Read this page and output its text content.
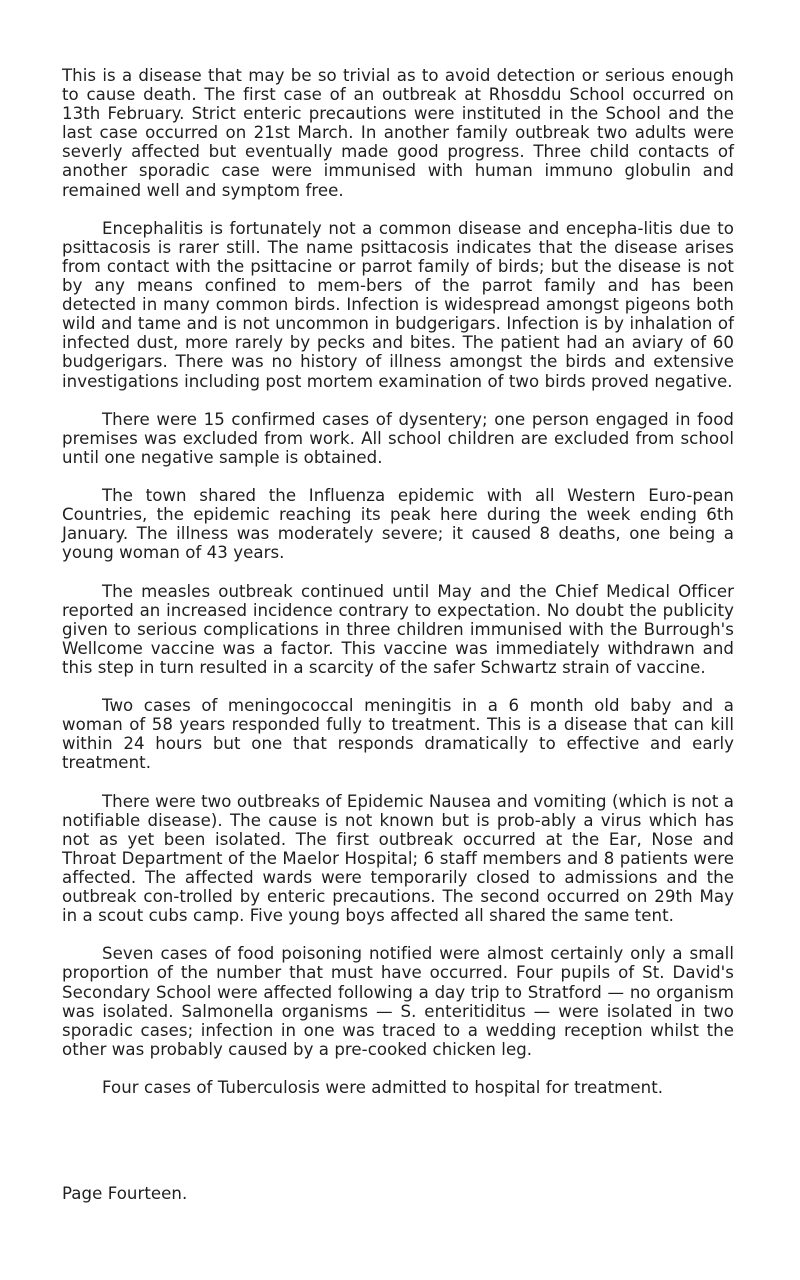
This is a disease that may be so trivial as to avoid detection or serious enough to cause death. The first case of an outbreak at Rhosddu School occurred on 13th February. Strict enteric precautions were instituted in the School and the last case occurred on 21st March. In another family outbreak two adults were severly affected but eventually made good progress. Three child contacts of another sporadic case were immunised with human immuno globulin and remained well and symptom free.

Encephalitis is fortunately not a common disease and encepha-litis due to psittacosis is rarer still. The name psittacosis indicates that the disease arises from contact with the psittacine or parrot family of birds; but the disease is not by any means confined to mem-bers of the parrot family and has been detected in many common birds. Infection is widespread amongst pigeons both wild and tame and is not uncommon in budgerigars. Infection is by inhalation of infected dust, more rarely by pecks and bites. The patient had an aviary of 60 budgerigars. There was no history of illness amongst the birds and extensive investigations including post mortem examination of two birds proved negative.

There were 15 confirmed cases of dysentery; one person engaged in food premises was excluded from work. All school children are excluded from school until one negative sample is obtained.

The town shared the Influenza epidemic with all Western Euro-pean Countries, the epidemic reaching its peak here during the week ending 6th January. The illness was moderately severe; it caused 8 deaths, one being a young woman of 43 years.

The measles outbreak continued until May and the Chief Medical Officer reported an increased incidence contrary to expectation. No doubt the publicity given to serious complications in three children immunised with the Burrough's Wellcome vaccine was a factor. This vaccine was immediately withdrawn and this step in turn resulted in a scarcity of the safer Schwartz strain of vaccine.

Two cases of meningococcal meningitis in a 6 month old baby and a woman of 58 years responded fully to treatment. This is a disease that can kill within 24 hours but one that responds dramatically to effective and early treatment.

There were two outbreaks of Epidemic Nausea and vomiting (which is not a notifiable disease). The cause is not known but is prob-ably a virus which has not as yet been isolated. The first outbreak occurred at the Ear, Nose and Throat Department of the Maelor Hospital; 6 staff members and 8 patients were affected. The affected wards were temporarily closed to admissions and the outbreak con-trolled by enteric precautions. The second occurred on 29th May in a scout cubs camp. Five young boys affected all shared the same tent.

Seven cases of food poisoning notified were almost certainly only a small proportion of the number that must have occurred. Four pupils of St. David's Secondary School were affected following a day trip to Stratford — no organism was isolated. Salmonella organisms — S. enteritiditus — were isolated in two sporadic cases; infection in one was traced to a wedding reception whilst the other was probably caused by a pre-cooked chicken leg.

Four cases of Tuberculosis were admitted to hospital for treatment.

Page Fourteen.
